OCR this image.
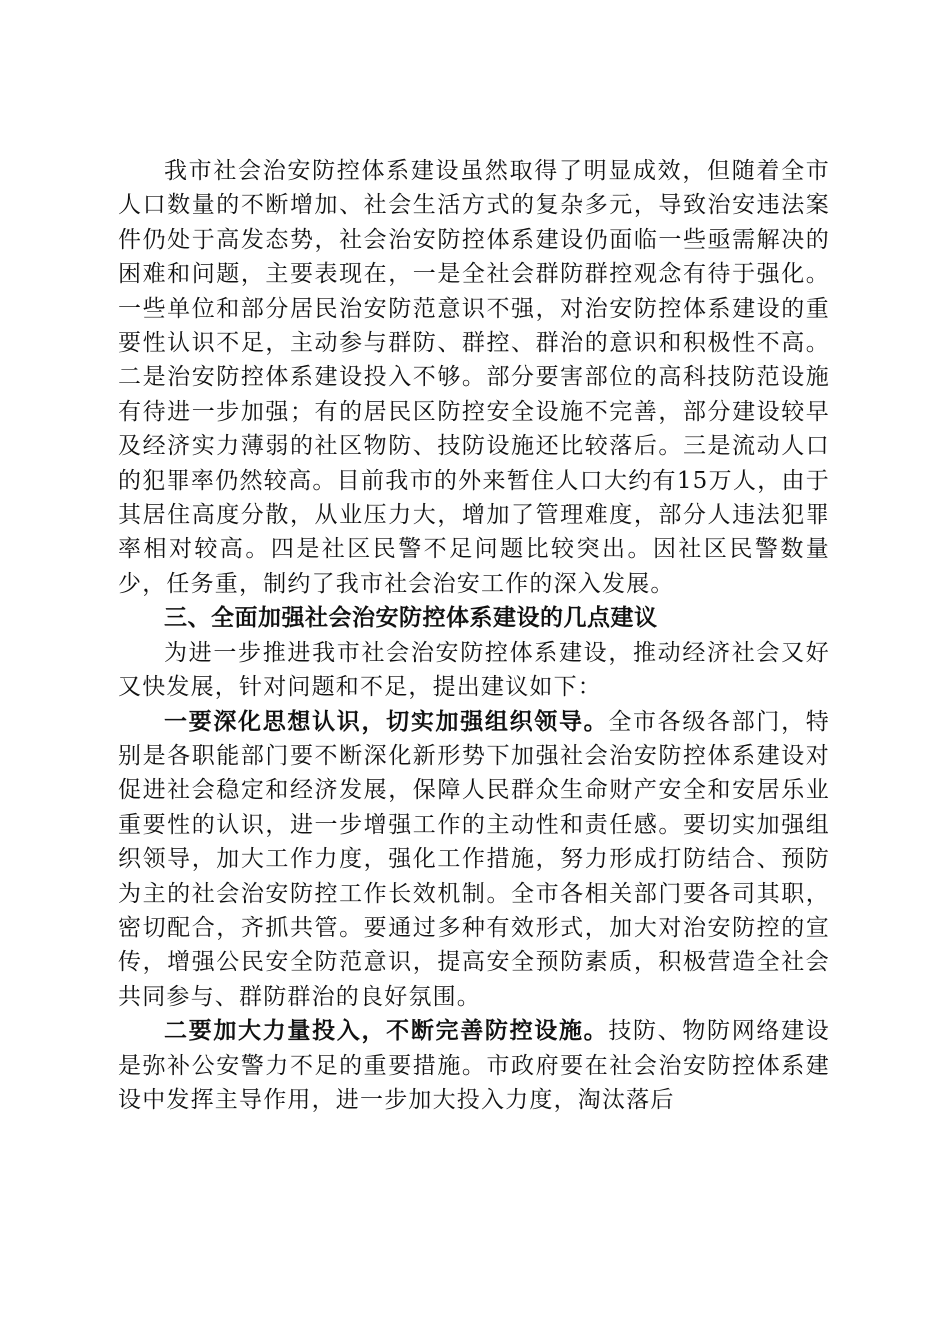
我市社会治安防控体系建设虽然取得了明显成效，但随着全市人口数量的不断增加、社会生活方式的复杂多元，导致治安违法案件仍处于高发态势，社会治安防控体系建设仍面临一些亟需解决的困难和问题，主要表现在，一是全社会群防群控观念有待于强化。一些单位和部分居民治安防范意识不强，对治安防控体系建设的重要性认识不足，主动参与群防、群控、群治的意识和积极性不高。二是治安防控体系建设投入不够。部分要害部位的高科技防范设施有待进一步加强；有的居民区防控安全设施不完善，部分建设较早及经济实力薄弱的社区物防、技防设施还比较落后。三是流动人口的犯罪率仍然较高。目前我市的外来暂住人口大约有15万人，由于其居住高度分散，从业压力大，增加了管理难度，部分人违法犯罪率相对较高。四是社区民警不足问题比较突出。因社区民警数量少，任务重，制约了我市社会治安工作的深入发展。

三、全面加强社会治安防控体系建设的几点建议

为进一步推进我市社会治安防控体系建设，推动经济社会又好又快发展，针对问题和不足，提出建议如下：

一要深化思想认识，切实加强组织领导。全市各级各部门，特别是各职能部门要不断深化新形势下加强社会治安防控体系建设对促进社会稳定和经济发展，保障人民群众生命财产安全和安居乐业重要性的认识，进一步增强工作的主动性和责任感。要切实加强组织领导，加大工作力度，强化工作措施，努力形成打防结合、预防为主的社会治安防控工作长效机制。全市各相关部门要各司其职，密切配合，齐抓共管。要通过多种有效形式，加大对治安防控的宣传，增强公民安全防范意识，提高安全预防素质，积极营造全社会共同参与、群防群治的良好氛围。

二要加大力量投入，不断完善防控设施。技防、物防网络建设是弥补公安警力不足的重要措施。市政府要在社会治安防控体系建设中发挥主导作用，进一步加大投入力度，淘汰落后
